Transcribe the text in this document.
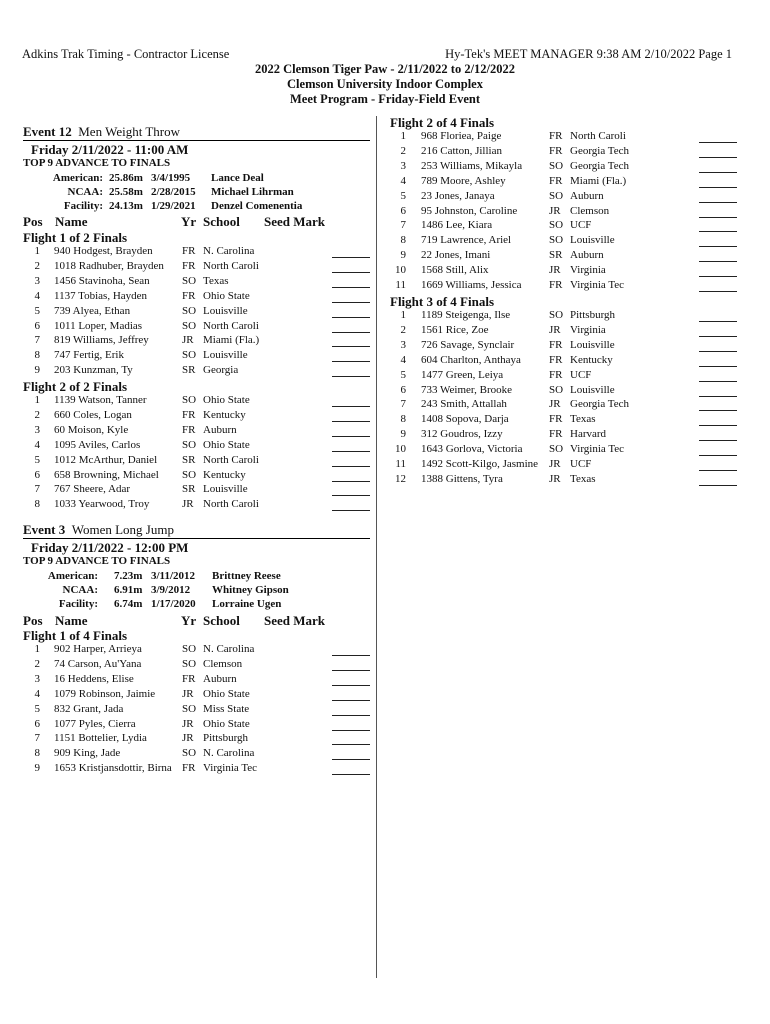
Adkins Trak Timing - Contractor License	Hy-Tek's MEET MANAGER 9:38 AM 2/10/2022 Page 1
2022 Clemson Tiger Paw - 2/11/2022 to 2/12/2022
Clemson University Indoor Complex
Meet Program - Friday-Field Event
Event 12 Men Weight Throw
Friday 2/11/2022 - 11:00 AM
TOP 9 ADVANCE TO FINALS
American: 25.86m 3/4/1995 Lance Deal
NCAA: 25.58m 2/28/2015 Michael Lihrman
Facility: 24.13m 1/29/2021 Denzel Comenentia
Pos Name	Yr School Seed Mark
Flight 1 of 2 Finals
1 940 Hodgest, Brayden	FR N. Carolina
2 1018 Radhuber, Brayden	FR North Caroli
3 1456 Stavinoha, Sean	SO Texas
4 1137 Tobias, Hayden	FR Ohio State
5 739 Alyea, Ethan	SO Louisville
6 1011 Loper, Madias	SO North Caroli
7 819 Williams, Jeffrey	JR Miami (Fla.)
8 747 Fertig, Erik	SO Louisville
9 203 Kunzman, Ty	SR Georgia
Flight 2 of 2 Finals
1 1139 Watson, Tanner	SO Ohio State
2 660 Coles, Logan	FR Kentucky
3 60 Moison, Kyle	FR Auburn
4 1095 Aviles, Carlos	SO Ohio State
5 1012 McArthur, Daniel	SR North Caroli
6 658 Browning, Michael	SO Kentucky
7 767 Sheere, Adar	SR Louisville
8 1033 Yearwood, Troy	JR North Caroli
Event 3 Women Long Jump
Friday 2/11/2022 - 12:00 PM
TOP 9 ADVANCE TO FINALS
American: 7.23m 3/11/2012 Brittney Reese
NCAA: 6.91m 3/9/2012 Whitney Gipson
Facility: 6.74m 1/17/2020 Lorraine Ugen
Pos Name	Yr School Seed Mark
Flight 1 of 4 Finals
1 902 Harper, Arrieya	SO N. Carolina
2 74 Carson, Au'Yana	SO Clemson
3 16 Heddens, Elise	FR Auburn
4 1079 Robinson, Jaimie	JR Ohio State
5 832 Grant, Jada	SO Miss State
6 1077 Pyles, Cierra	JR Ohio State
7 1151 Bottelier, Lydia	JR Pittsburgh
8 909 King, Jade	SO N. Carolina
9 1653 Kristjansdottir, Birna FR Virginia Tec
Flight 2 of 4 Finals
1 968 Floriea, Paige	FR North Caroli
2 216 Catton, Jillian	FR Georgia Tech
3 253 Williams, Mikayla	SO Georgia Tech
4 789 Moore, Ashley	FR Miami (Fla.)
5 23 Jones, Janaya	SO Auburn
6 95 Johnston, Caroline	JR Clemson
7 1486 Lee, Kiara	SO UCF
8 719 Lawrence, Ariel	SO Louisville
9 22 Jones, Imani	SR Auburn
10 1568 Still, Alix	JR Virginia
11 1669 Williams, Jessica	FR Virginia Tec
Flight 3 of 4 Finals
1 1189 Steigenga, Ilse	SO Pittsburgh
2 1561 Rice, Zoe	JR Virginia
3 726 Savage, Synclair	FR Louisville
4 604 Charlton, Anthaya	FR Kentucky
5 1477 Green, Leiya	FR UCF
6 733 Weimer, Brooke	SO Louisville
7 243 Smith, Attallah	JR Georgia Tech
8 1408 Sopova, Darja	FR Texas
9 312 Goudros, Izzy	FR Harvard
10 1643 Gorlova, Victoria	SO Virginia Tec
11 1492 Scott-Kilgo, Jasmine JR UCF
12 1388 Gittens, Tyra	JR Texas
